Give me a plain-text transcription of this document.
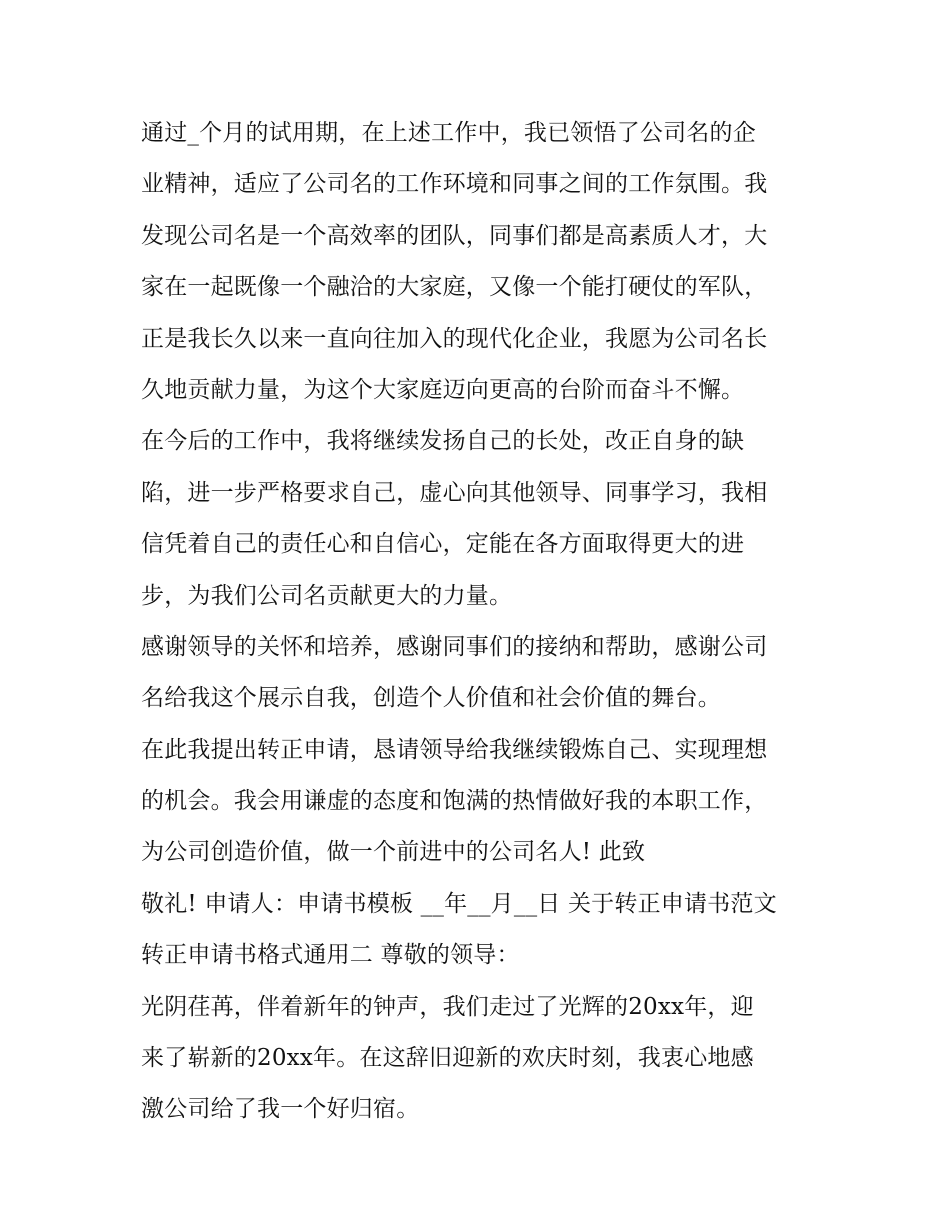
通过_个月的试用期，在上述工作中，我已领悟了公司名的企
业精神，适应了公司名的工作环境和同事之间的工作氛围。我
发现公司名是一个高效率的团队，同事们都是高素质人才，大
家在一起既像一个融洽的大家庭，又像一个能打硬仗的军队，
正是我长久以来一直向往加入的现代化企业，我愿为公司名长
久地贡献力量，为这个大家庭迈向更高的台阶而奋斗不懈。
在今后的工作中，我将继续发扬自己的长处，改正自身的缺
陷，进一步严格要求自己，虚心向其他领导、同事学习，我相
信凭着自己的责任心和自信心，定能在各方面取得更大的进
步，为我们公司名贡献更大的力量。
感谢领导的关怀和培养，感谢同事们的接纳和帮助，感谢公司
名给我这个展示自我，创造个人价值和社会价值的舞台。
在此我提出转正申请，恳请领导给我继续锻炼自己、实现理想
的机会。我会用谦虚的态度和饱满的热情做好我的本职工作，
为公司创造价值，做一个前进中的公司名人! 此致
敬礼! 申请人：申请书模板 __年__月__日 关于转正申请书范文
转正申请书格式通用二 尊敬的领导：
光阴荏苒，伴着新年的钟声，我们走过了光辉的20xx年，迎
来了崭新的20xx年。在这辞旧迎新的欢庆时刻，我衷心地感
激公司给了我一个好归宿。
